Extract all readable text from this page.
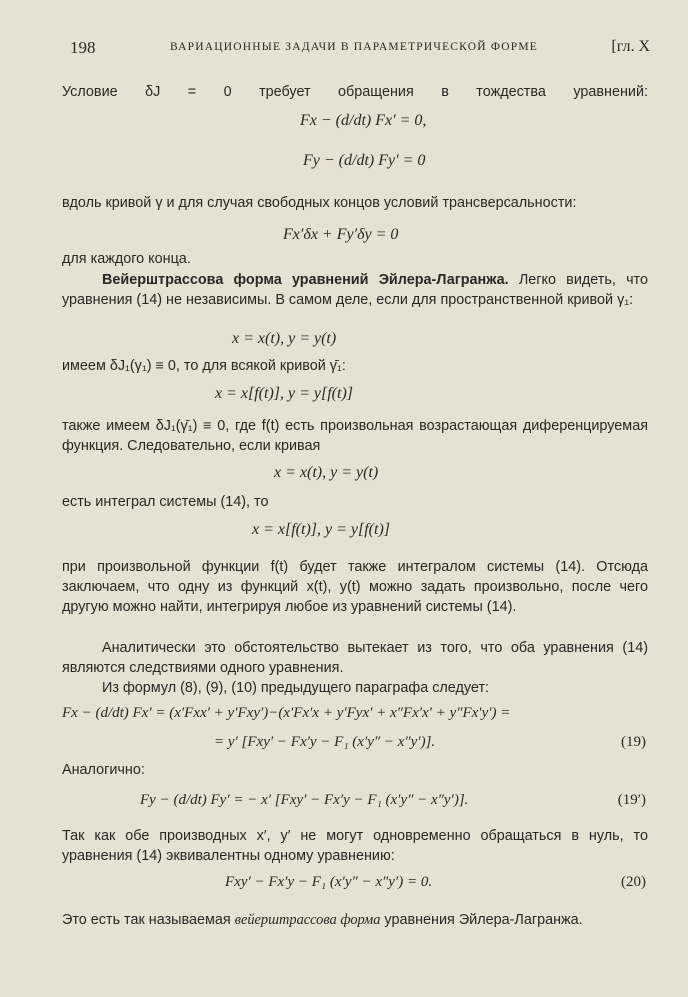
198	ВАРИАЦИОННЫЕ ЗАДАЧИ В ПАРАМЕТРИЧЕСКОЙ ФОРМЕ	[гл. X

Условие δJ = 0 требует обращения в тождества уравнений:

Fx − (d/dt) Fx′ = 0,

Fy − (d/dt) Fy′ = 0

вдоль кривой γ и для случая свободных концов условий трансверсальности:

Fx′δx + Fy′δy = 0

для каждого конца.

Вейерштрассова форма уравнений Эйлера-Лагранжа. Легко видеть, что уравнения (14) не независимы. В самом деле, если для пространственной кривой γ₁:

x = x(t), y = y(t)

имеем δJ₁(γ₁) ≡ 0, то для всякой кривой γ̄₁:

x = x[f(t)], y = y[f(t)]

также имеем δJ₁(γ̄₁) ≡ 0, где f(t) есть произвольная возрастающая диференцируемая функция. Следовательно, если кривая

x = x(t), y = y(t)

есть интеграл системы (14), то

x = x[f(t)], y = y[f(t)]

при произвольной функции f(t) будет также интегралом системы (14). Отсюда заключаем, что одну из функций x(t), y(t) можно задать произвольно, после чего другую можно найти, интегрируя любое из уравнений системы (14).

Аналитически это обстоятельство вытекает из того, что оба уравнения (14) являются следствиями одного уравнения.

Из формул (8), (9), (10) предыдущего параграфа следует:

Fx − (d/dt) Fx′ = (x′Fxx′ + y′Fxy′)−(x′Fx′x + y′Fyx′ + x″Fx′x′ + y″Fx′y′) =

= y′ [Fxy′ − Fx′y − F₁ (x′y″ − x″y′)].	(19)

Аналогично:

Fy − (d/dt) Fy′ = − x′ [Fxy′ − Fx′y − F₁ (x′y″ − x″y′)].	(19′)

Так как обе производных x′, y′ не могут одновременно обращаться в нуль, то уравнения (14) эквивалентны одному уравнению:

Fxy′ − Fx′y − F₁ (x′y″ − x″y′) = 0.	(20)

Это есть так называемая вейерштрассова форма уравнения Эйлера-Лагранжа.
